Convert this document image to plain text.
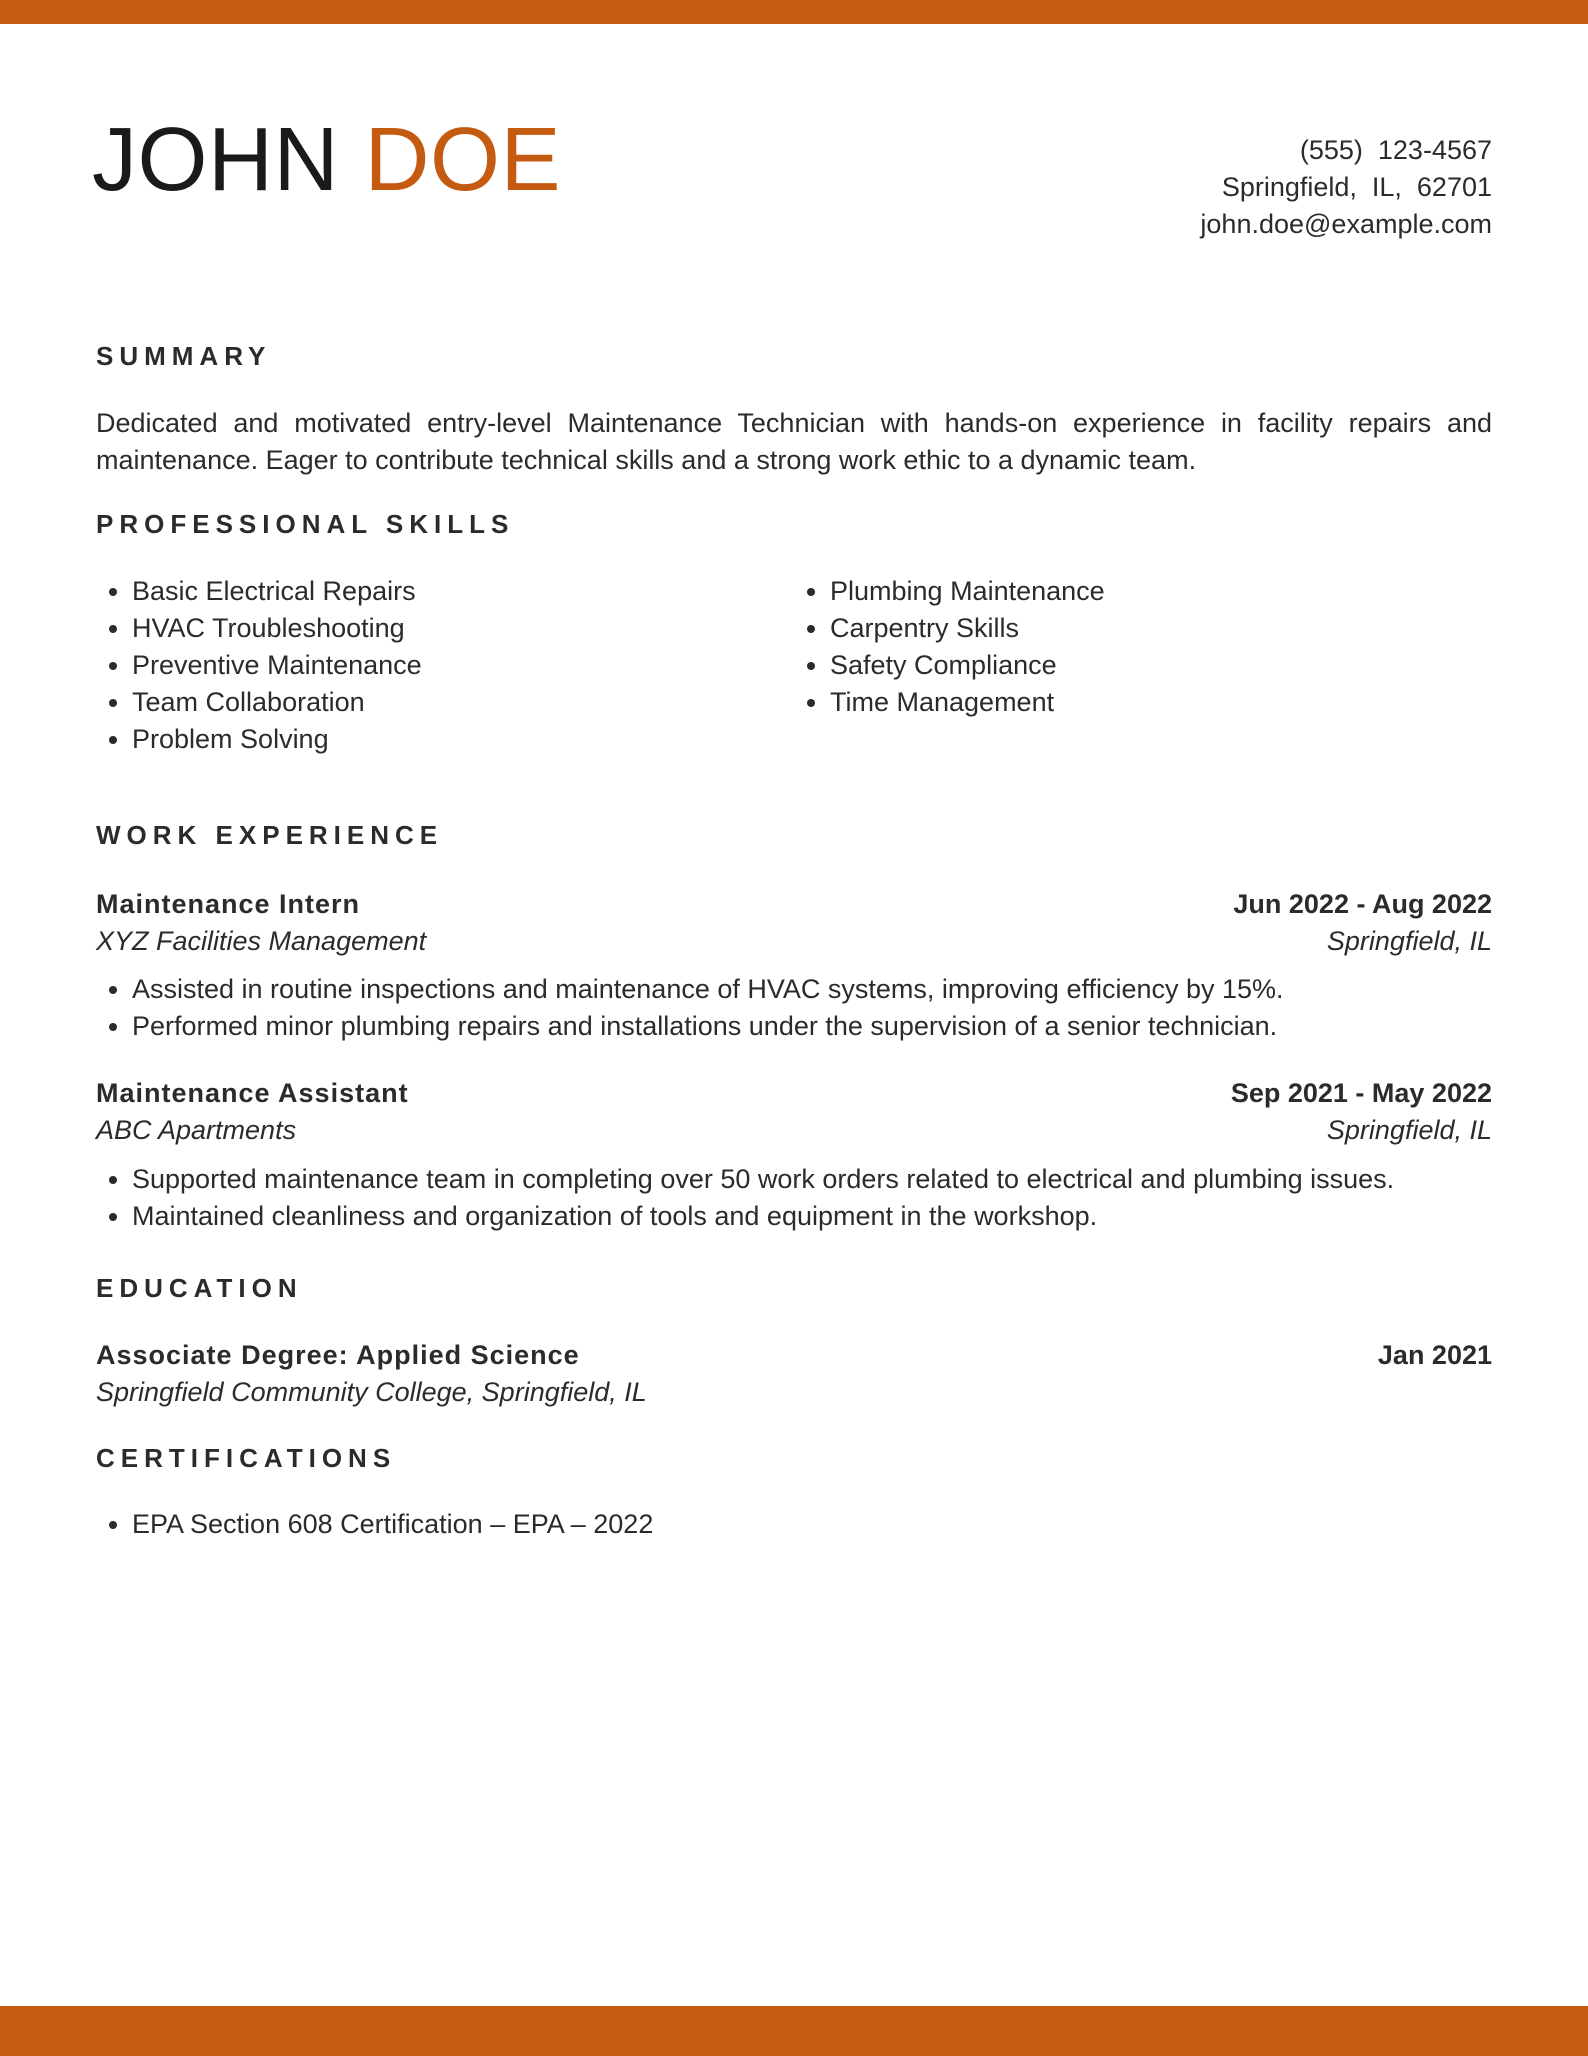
JOHN DOE	(555)  123-4567
Springfield,  IL,  62701
john.doe@example.com
SUMMARY

Dedicated and motivated entry-level Maintenance Technician with hands-on experience in facility repairs and maintenance. Eager to contribute technical skills and a strong work ethic to a dynamic team.

PROFESSIONAL SKILLS
• Basic Electrical Repairs
• HVAC Troubleshooting
• Preventive Maintenance
• Team Collaboration
• Problem Solving
• Plumbing Maintenance
• Carpentry Skills
• Safety Compliance
• Time Management
WORK EXPERIENCE
Maintenance Intern	Jun 2022 - Aug 2022
XYZ Facilities Management	Springfield, IL
• Assisted in routine inspections and maintenance of HVAC systems, improving efficiency by 15%.
• Performed minor plumbing repairs and installations under the supervision of a senior technician.
Maintenance Assistant	Sep 2021 - May 2022
ABC Apartments	Springfield, IL
• Supported maintenance team in completing over 50 work orders related to electrical and plumbing issues.
• Maintained cleanliness and organization of tools and equipment in the workshop.
EDUCATION
Associate Degree: Applied Science	Jan 2021
Springfield Community College, Springfield, IL
CERTIFICATIONS
• EPA Section 608 Certification – EPA – 2022
